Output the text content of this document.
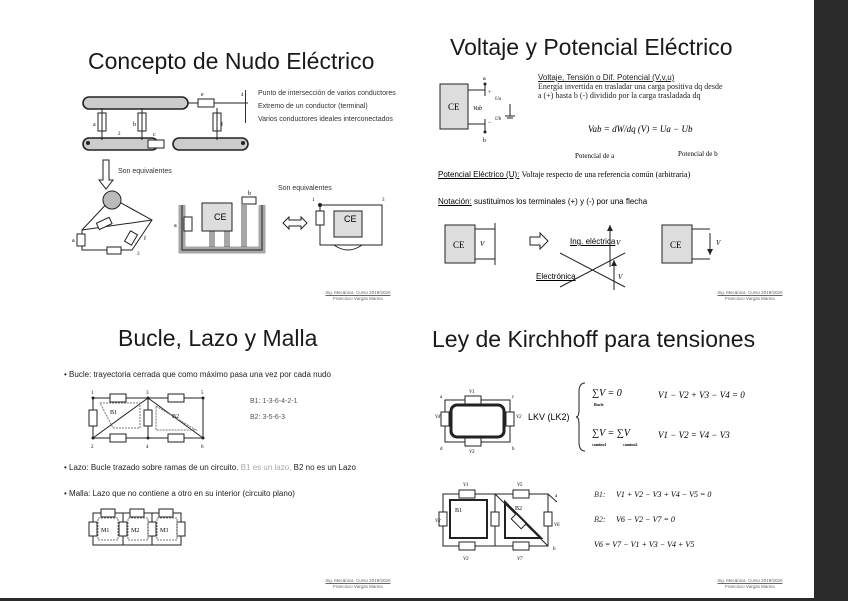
Concepto de Nudo Eléctrico
a	b	f
e
c
4
2
Punto de intersección de varios conductores
Extremo de un conductor (terminal)
Varios conductores ideales interconectados
Son equivalentes
Son equivalentes
a	f
3
a
b
CE
1	3
CE
Ing. Mecánica. Curso 2019/2020
Francisco Vargas Marino
Voltaje y Potencial Eléctrico
CE
a
b
+
−
Vab
Ua
Ub
Voltaje, Tensión o Dif. Potencial (V,v,u)
Energía invertida en trasladar una carga positiva dq desde
a (+) hasta b (-) dividido por la carga trasladada dq
Vab = dW/dq (V) = Ua − Ub
Potencial de a	Potencial de b
Potencial Eléctrico (U): Voltaje respecto de una referencia común (arbitraria)
Notación: sustituimos los terminales (+) y (-) por una flecha
CE V	V	CE	V
V
Ing. eléctrica
Electrónica
Ing. Mecánica. Curso 2019/2020
Francisco Vargas Marino
Bucle, Lazo y Malla
• Bucle: trayectoria cerrada que como máximo pasa una vez por cada nudo
B1
B2
1	3	5
2	4	6
B1: 1-3-6-4-2-1
B2: 3-5-6-3
• Lazo: Bucle trazado sobre ramas de un circuito. B1 es un lazo, B2 no es un Lazo
• Malla: Lazo que no contiene a otro en su interior (circuito plano)
M1	M2	M3
Ing. Mecánica. Curso 2019/2020
Francisco Vargas Marino
Ley de Kirchhoff para tensiones
V1
V3
V4	V2
a	c
d	b
LKV (LK2)
∑V = 0
Bucle
V1 − V2 + V3 − V4 = 0
∑V = ∑V
camino1	camino2
V1 − V2 = V4 − V3
B1	B2
V1	V5
V3	V7
V2
V6
a
b
B1: V1 + V2 − V3 + V4 − V5 = 0
B2: V6 − V2 − V7 = 0
V6 = V7 − V1 + V3 − V4 + V5
Ing. Mecánica. Curso 2019/2020
Francisco Vargas Marino
